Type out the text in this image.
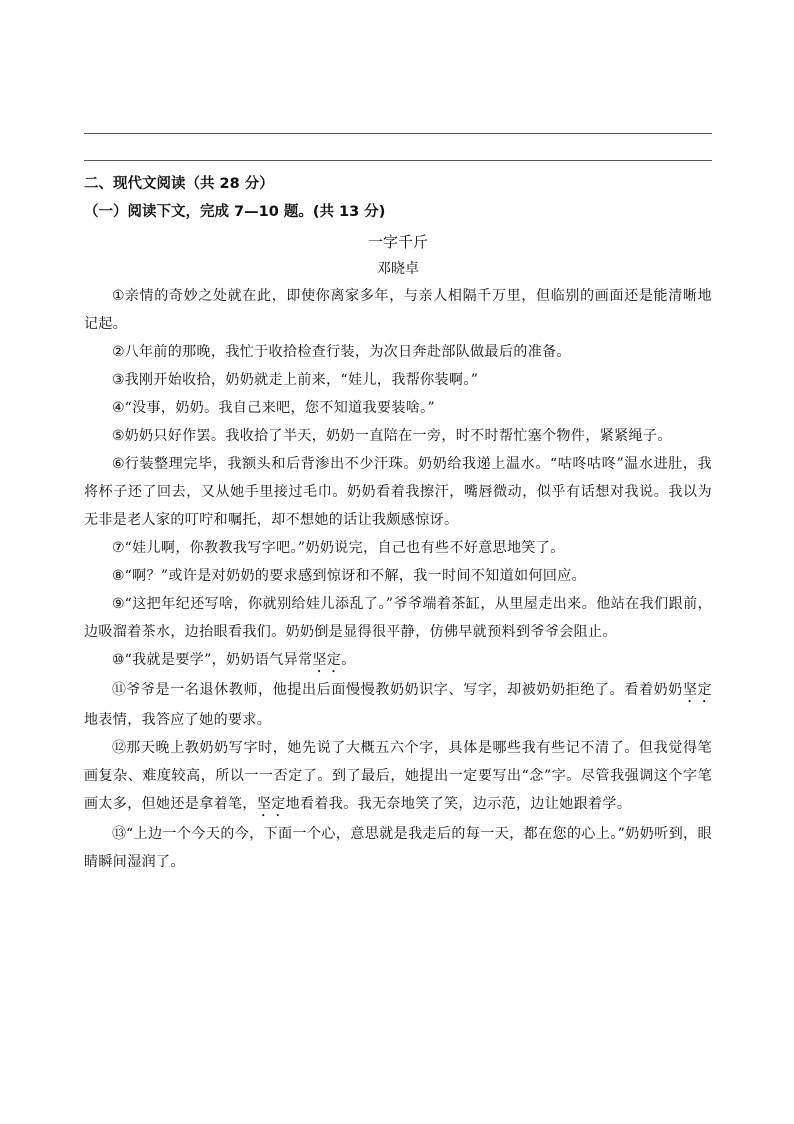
二、现代文阅读（共 28 分）

（一）阅读下文，完成 7—10 题。(共 13 分)

一字千斤

邓晓卓

①亲情的奇妙之处就在此，即使你离家多年，与亲人相隔千万里，但临别的画面还是能清晰地记起。

②八年前的那晚，我忙于收拾检查行装，为次日奔赴部队做最后的准备。

③我刚开始收拾，奶奶就走上前来，“娃儿，我帮你装啊。”

④“没事，奶奶。我自己来吧，您不知道我要装啥。”

⑤奶奶只好作罢。我收拾了半天，奶奶一直陪在一旁，时不时帮忙塞个物件，紧紧绳子。

⑥行装整理完毕，我额头和后背渗出不少汗珠。奶奶给我递上温水。“咕咚咕咚”温水进肚，我将杯子还了回去，又从她手里接过毛巾。奶奶看着我擦汗，嘴唇微动，似乎有话想对我说。我以为无非是老人家的叮咛和嘱托，却不想她的话让我颇感惊讶。

⑦“娃儿啊，你教教我写字吧。”奶奶说完，自己也有些不好意思地笑了。

⑧“啊？”或许是对奶奶的要求感到惊讶和不解，我一时间不知道如何回应。

⑨“这把年纪还写啥，你就别给娃儿添乱了。”爷爷端着茶缸，从里屋走出来。他站在我们跟前，边吸溜着茶水，边抬眼看我们。奶奶倒是显得很平静，仿佛早就预料到爷爷会阻止。

⑩“我就是要学”，奶奶语气异常坚定。

⑪爷爷是一名退休教师，他提出后面慢慢教奶奶识字、写字，却被奶奶拒绝了。看着奶奶坚定地表情，我答应了她的要求。

⑫那天晚上教奶奶写字时，她先说了大概五六个字，具体是哪些我有些记不清了。但我觉得笔画复杂、难度较高，所以一一否定了。到了最后，她提出一定要写出“念”字。尽管我强调这个字笔画太多，但她还是拿着笔，坚定地看着我。我无奈地笑了笑，边示范，边让她跟着学。

⑬“上边一个今天的今，下面一个心，意思就是我走后的每一天，都在您的心上。”奶奶听到，眼睛瞬间湿润了。
